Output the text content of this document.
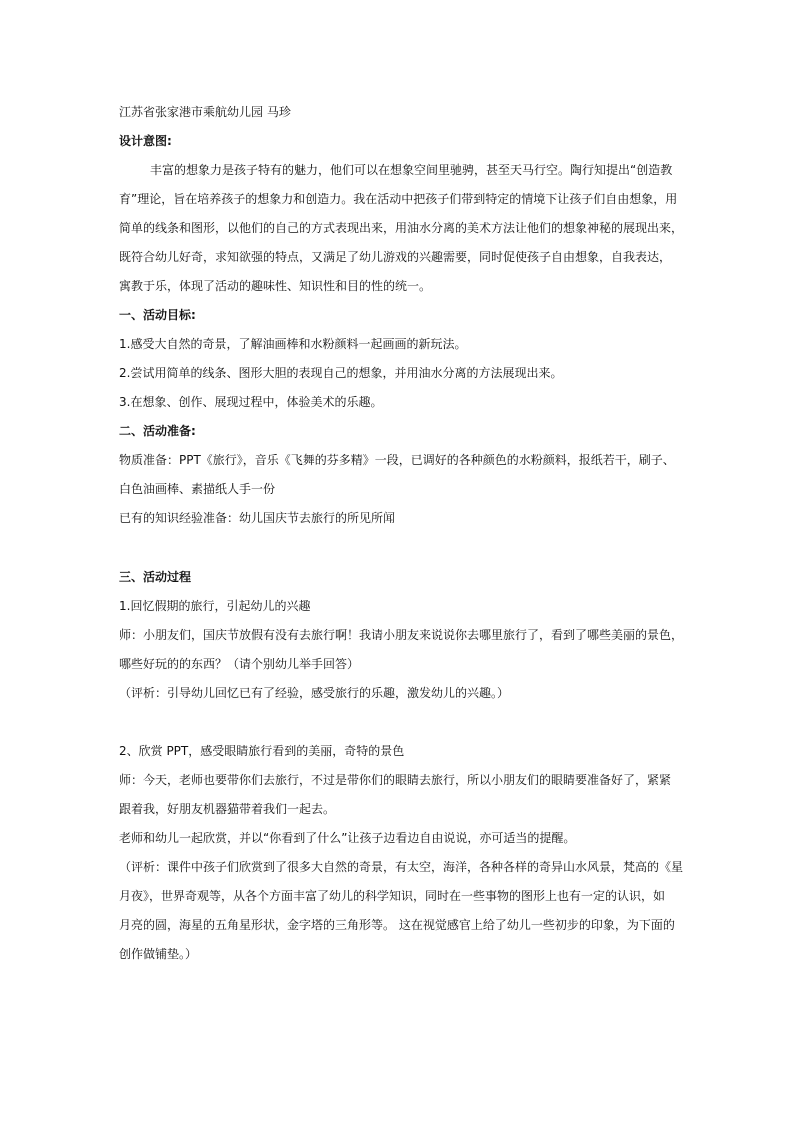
江苏省张家港市乘航幼儿园 马珍
设计意图:
丰富的想象力是孩子特有的魅力，他们可以在想象空间里驰骋，甚至天马行空。陶行知提出“创造教
育”理论，旨在培养孩子的想象力和创造力。我在活动中把孩子们带到特定的情境下让孩子们自由想象，用
简单的线条和图形，以他们的自己的方式表现出来，用油水分离的美术方法让他们的想象神秘的展现出来，
既符合幼儿好奇，求知欲强的特点，又满足了幼儿游戏的兴趣需要，同时促使孩子自由想象，自我表达，
寓教于乐，体现了活动的趣味性、知识性和目的性的统一。
一、活动目标:
1.感受大自然的奇景，了解油画棒和水粉颜料一起画画的新玩法。
2.尝试用简单的线条、图形大胆的表现自己的想象，并用油水分离的方法展现出来。
3.在想象、创作、展现过程中，体验美术的乐趣。
二、活动准备:
物质准备：PPT《旅行》，音乐《飞舞的芬多精》一段，已调好的各种颜色的水粉颜料，报纸若干，刷子、
白色油画棒、素描纸人手一份
已有的知识经验准备：幼儿国庆节去旅行的所见所闻
三、活动过程
1.回忆假期的旅行，引起幼儿的兴趣
师：小朋友们，国庆节放假有没有去旅行啊！我请小朋友来说说你去哪里旅行了，看到了哪些美丽的景色，
哪些好玩的的东西？（请个别幼儿举手回答）
（评析：引导幼儿回忆已有了经验，感受旅行的乐趣，激发幼儿的兴趣。）
2、欣赏 PPT，感受眼睛旅行看到的美丽，奇特的景色
师：今天，老师也要带你们去旅行，不过是带你们的眼睛去旅行，所以小朋友们的眼睛要准备好了，紧紧
跟着我，好朋友机器猫带着我们一起去。
老师和幼儿一起欣赏，并以“你看到了什么”让孩子边看边自由说说，亦可适当的提醒。
（评析：课件中孩子们欣赏到了很多大自然的奇景，有太空，海洋，各种各样的奇异山水风景，梵高的《星
月夜》，世界奇观等，从各个方面丰富了幼儿的科学知识，同时在一些事物的图形上也有一定的认识，如
月亮的圆，海星的五角星形状，金字塔的三角形等。 这在视觉感官上给了幼儿一些初步的印象，为下面的
创作做铺垫。）
